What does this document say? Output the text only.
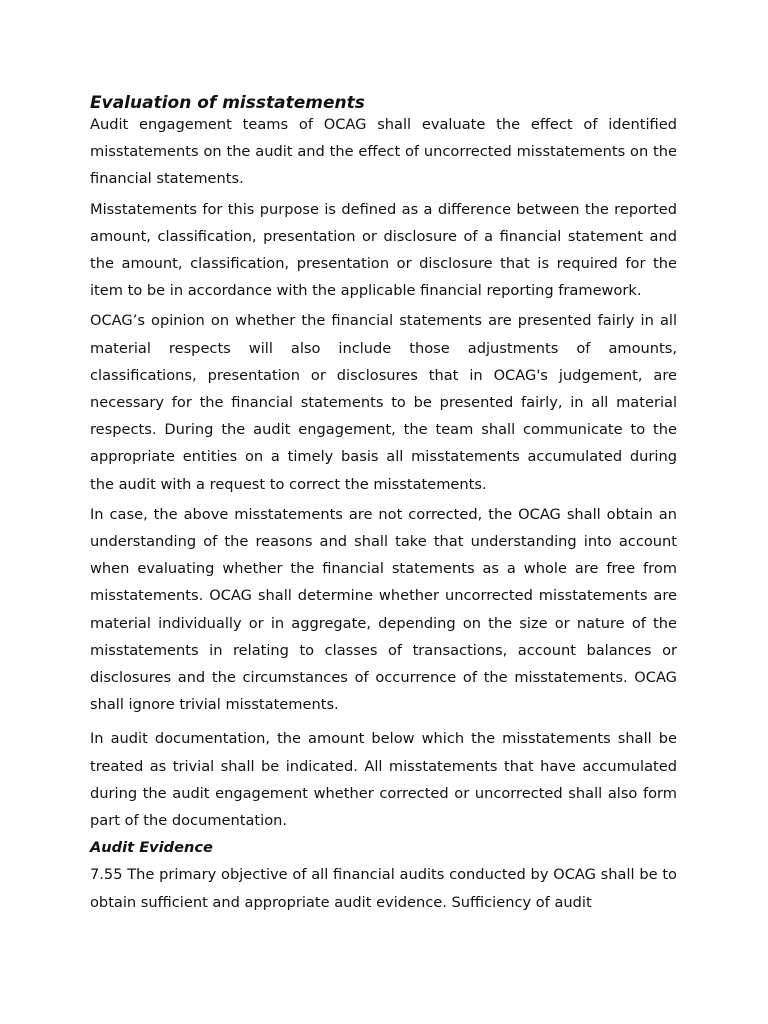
Evaluation of misstatements

Audit engagement teams of OCAG shall evaluate the effect of identified misstatements on the audit and the effect of uncorrected misstatements on the financial statements.

Misstatements for this purpose is defined as a difference between the reported amount, classification, presentation or disclosure of a financial statement and the amount, classification, presentation or disclosure that is required for the item to be in accordance with the applicable financial reporting framework.

OCAG’s opinion on whether the financial statements are presented fairly in all material respects will also include those adjustments of amounts, classifications, presentation or disclosures that in OCAG's judgement, are necessary for the financial statements to be presented fairly, in all material respects. During the audit engagement, the team shall communicate to the appropriate entities on a timely basis all misstatements accumulated during the audit with a request to correct the misstatements.

In case, the above misstatements are not corrected, the OCAG shall obtain an understanding of the reasons and shall take that understanding into account when evaluating whether the financial statements as a whole are free from misstatements. OCAG shall determine whether uncorrected misstatements are material individually or in aggregate, depending on the size or nature of the misstatements in relating to classes of transactions, account balances or disclosures and the circumstances of occurrence of the misstatements. OCAG shall ignore trivial misstatements.

In audit documentation, the amount below which the misstatements shall be treated as trivial shall be indicated. All misstatements that have accumulated during the audit engagement whether corrected or uncorrected shall also form part of the documentation.

Audit Evidence

7.55 The primary objective of all financial audits conducted by OCAG shall be to obtain sufficient and appropriate audit evidence. Sufficiency of audit
